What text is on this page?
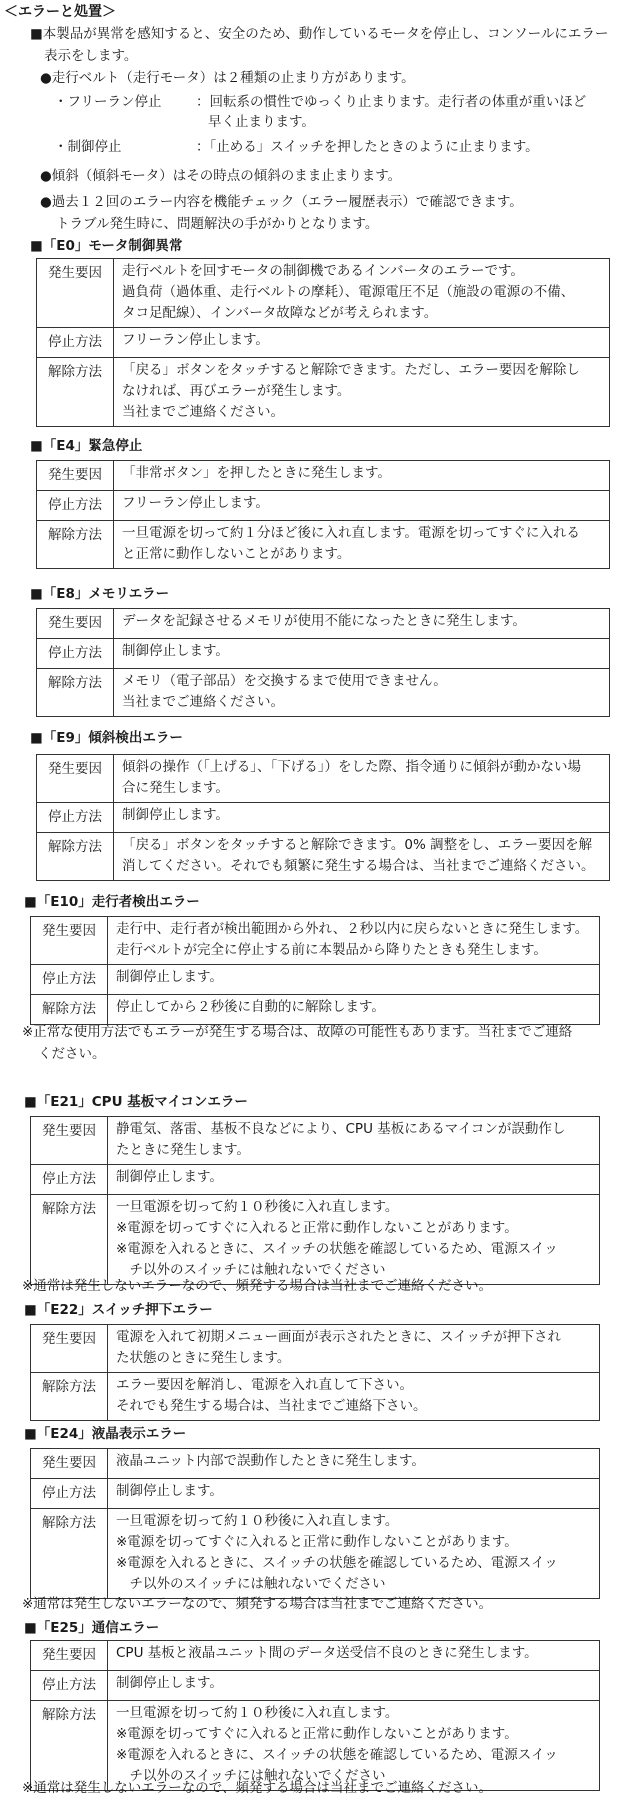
＜エラーと処置＞
■本製品が異常を感知すると、安全のため、動作しているモータを停止し、コンソールにエラー
表示をします。
●走行ベルト（走行モータ）は２種類の止まり方があります。
・フリーラン停止	：回転系の慣性でゆっくり止まります。走行者の体重が重いほど
早く止まります。
・制御停止	：「止める」スイッチを押したときのように止まります。
●傾斜（傾斜モータ）はその時点の傾斜のまま止まります。
●過去１２回のエラー内容を機能チェック（エラー履歴表示）で確認できます。
トラブル発生時に、問題解決の手がかりとなります。
■「E0」モータ制御異常
発生要因	走行ベルトを回すモータの制御機であるインバータのエラーです。
過負荷（過体重、走行ベルトの摩耗）、電源電圧不足（施設の電源の不備、
タコ足配線）、インバータ故障などが考えられます。

停止方法	フリーラン停止します。

解除方法	「戻る」ボタンをタッチすると解除できます。ただし、エラー要因を解除し
なければ、再びエラーが発生します。
当社までご連絡ください。
■「E4」緊急停止
発生要因	「非常ボタン」を押したときに発生します。

停止方法	フリーラン停止します。

解除方法	一旦電源を切って約１分ほど後に入れ直します。電源を切ってすぐに入れる
と正常に動作しないことがあります。
■「E8」メモリエラー
発生要因	データを記録させるメモリが使用不能になったときに発生します。

停止方法	制御停止します。

解除方法	メモリ（電子部品）を交換するまで使用できません。
当社までご連絡ください。
■「E9」傾斜検出エラー
発生要因	傾斜の操作（「上げる」、「下げる」）をした際、指令通りに傾斜が動かない場
合に発生します。

停止方法	制御停止します。

解除方法	「戻る」ボタンをタッチすると解除できます。0% 調整をし、エラー要因を解
消してください。それでも頻繁に発生する場合は、当社までご連絡ください。
■「E10」走行者検出エラー
発生要因	走行中、走行者が検出範囲から外れ、２秒以内に戻らないときに発生します。
走行ベルトが完全に停止する前に本製品から降りたときも発生します。

停止方法	制御停止します。

解除方法	停止してから２秒後に自動的に解除します。
■「E21」CPU 基板マイコンエラー
発生要因	静電気、落雷、基板不良などにより、CPU 基板にあるマイコンが誤動作し
たときに発生します。

停止方法	制御停止します。

解除方法	一旦電源を切って約１０秒後に入れ直します。
※電源を切ってすぐに入れると正常に動作しないことがあります。
※電源を入れるときに、スイッチの状態を確認しているため、電源スイッ
　チ以外のスイッチには触れないでください
■「E22」スイッチ押下エラー
発生要因	電源を入れて初期メニュー画面が表示されたときに、スイッチが押下され
た状態のときに発生します。

解除方法	エラー要因を解消し、電源を入れ直して下さい。
それでも発生する場合は、当社までご連絡下さい。
■「E24」液晶表示エラー
発生要因	液晶ユニット内部で誤動作したときに発生します。

停止方法	制御停止します。

解除方法	一旦電源を切って約１０秒後に入れ直します。
※電源を切ってすぐに入れると正常に動作しないことがあります。
※電源を入れるときに、スイッチの状態を確認しているため、電源スイッ
　チ以外のスイッチには触れないでください
■「E25」通信エラー
発生要因	CPU 基板と液晶ユニット間のデータ送受信不良のときに発生します。

停止方法	制御停止します。

解除方法	一旦電源を切って約１０秒後に入れ直します。
※電源を切ってすぐに入れると正常に動作しないことがあります。
※電源を入れるときに、スイッチの状態を確認しているため、電源スイッ
　チ以外のスイッチには触れないでください
※正常な使用方法でもエラーが発生する場合は、故障の可能性もあります。当社までご連絡
ください。
※通常は発生しないエラーなので、頻発する場合は当社までご連絡ください。
※通常は発生しないエラーなので、頻発する場合は当社までご連絡ください。
※通常は発生しないエラーなので、頻発する場合は当社までご連絡ください。
